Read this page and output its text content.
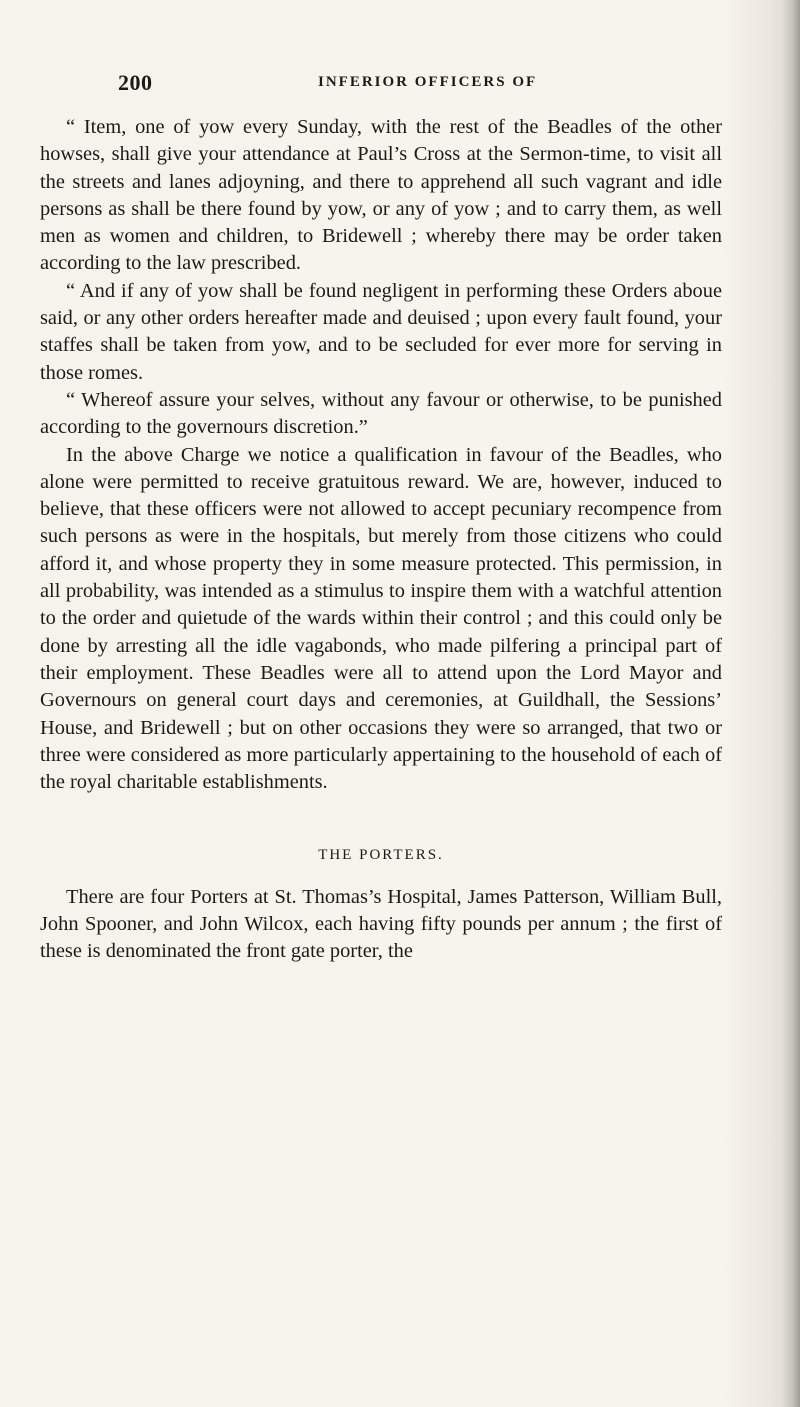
200	INFERIOR OFFICERS OF

“ Item, one of yow every Sunday, with the rest of the Beadles of the other howses, shall give your attendance at Paul’s Cross at the Sermon-time, to visit all the streets and lanes adjoyning, and there to apprehend all such vagrant and idle persons as shall be there found by yow, or any of yow ; and to carry them, as well men as women and children, to Bridewell ; whereby there may be order taken according to the law prescribed.

“ And if any of yow shall be found negligent in performing these Orders aboue said, or any other orders hereafter made and deuised ; upon every fault found, your staffes shall be taken from yow, and to be secluded for ever more for serving in those romes.

“ Whereof assure your selves, without any favour or otherwise, to be punished according to the governours discretion.”

In the above Charge we notice a qualification in favour of the Beadles, who alone were permitted to receive gratuitous reward. We are, however, induced to believe, that these officers were not allowed to accept pecuniary recompence from such persons as were in the hospitals, but merely from those citizens who could afford it, and whose property they in some measure protected. This permission, in all probability, was intended as a stimulus to inspire them with a watchful attention to the order and quietude of the wards within their control ; and this could only be done by arresting all the idle vagabonds, who made pilfering a principal part of their employment. These Beadles were all to attend upon the Lord Mayor and Governours on general court days and ceremonies, at Guildhall, the Sessions’ House, and Bridewell ; but on other occasions they were so arranged, that two or three were considered as more particularly appertaining to the household of each of the royal charitable establishments.

THE PORTERS.

There are four Porters at St. Thomas’s Hospital, James Patterson, William Bull, John Spooner, and John Wilcox, each having fifty pounds per annum ; the first of these is denominated the front gate porter, the
